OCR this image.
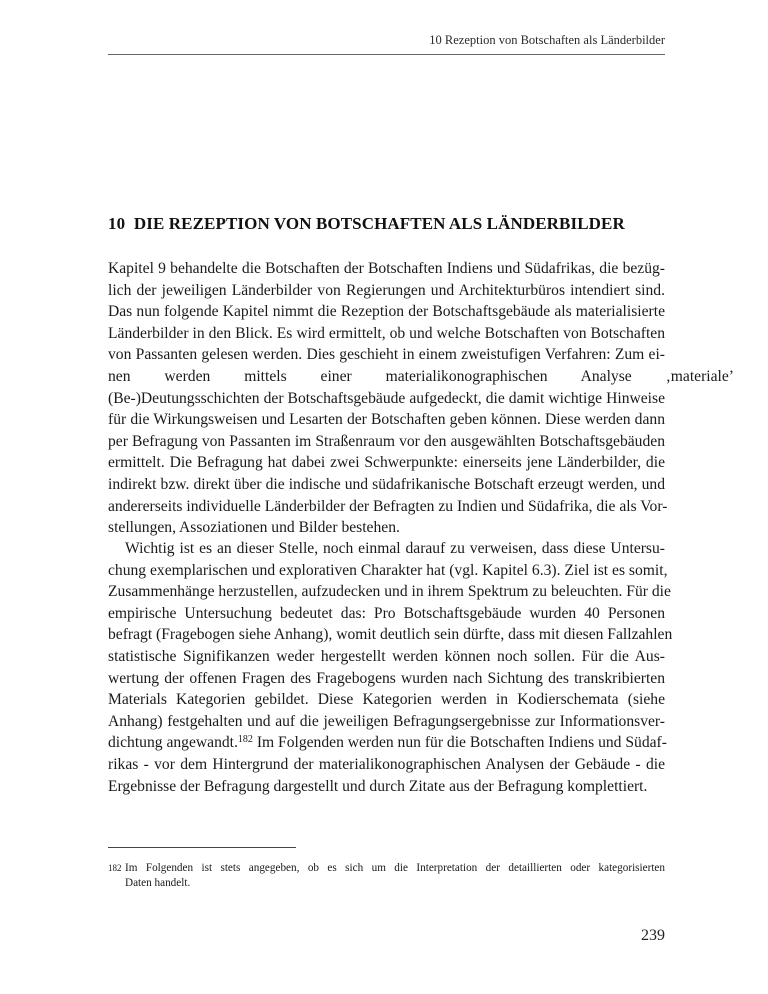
10 Rezeption von Botschaften als Länderbilder
10 DIE REZEPTION VON BOTSCHAFTEN ALS LÄNDERBILDER
Kapitel 9 behandelte die Botschaften der Botschaften Indiens und Südafrikas, die bezüg-
lich der jeweiligen Länderbilder von Regierungen und Architekturbüros intendiert sind.
Das nun folgende Kapitel nimmt die Rezeption der Botschaftsgebäude als materialisierte
Länderbilder in den Blick. Es wird ermittelt, ob und welche Botschaften von Botschaften
von Passanten gelesen werden. Dies geschieht in einem zweistufigen Verfahren: Zum ei-
nen werden mittels einer materialikonographischen Analyse ‚materiale’
(Be-)Deutungsschichten der Botschaftsgebäude aufgedeckt, die damit wichtige Hinweise
für die Wirkungsweisen und Lesarten der Botschaften geben können. Diese werden dann
per Befragung von Passanten im Straßenraum vor den ausgewählten Botschaftsgebäuden
ermittelt. Die Befragung hat dabei zwei Schwerpunkte: einerseits jene Länderbilder, die
indirekt bzw. direkt über die indische und südafrikanische Botschaft erzeugt werden, und
andererseits individuelle Länderbilder der Befragten zu Indien und Südafrika, die als Vor-
stellungen, Assoziationen und Bilder bestehen.
Wichtig ist es an dieser Stelle, noch einmal darauf zu verweisen, dass diese Untersu-
chung exemplarischen und explorativen Charakter hat (vgl. Kapitel 6.3). Ziel ist es somit,
Zusammenhänge herzustellen, aufzudecken und in ihrem Spektrum zu beleuchten. Für die
empirische Untersuchung bedeutet das: Pro Botschaftsgebäude wurden 40 Personen
befragt (Fragebogen siehe Anhang), womit deutlich sein dürfte, dass mit diesen Fallzahlen
statistische Signifikanzen weder hergestellt werden können noch sollen. Für die Aus-
wertung der offenen Fragen des Fragebogens wurden nach Sichtung des transkribierten
Materials Kategorien gebildet. Diese Kategorien werden in Kodierschemata (siehe
Anhang) festgehalten und auf die jeweiligen Befragungsergebnisse zur Informationsver-
dichtung angewandt.$^{182}$ Im Folgenden werden nun für die Botschaften Indiens und Südaf-
rikas - vor dem Hintergrund der materialikonographischen Analysen der Gebäude - die
Ergebnisse der Befragung dargestellt und durch Zitate aus der Befragung komplettiert.
182 Im Folgenden ist stets angegeben, ob es sich um die Interpretation der detaillierten oder kategorisierten
Daten handelt.
239
